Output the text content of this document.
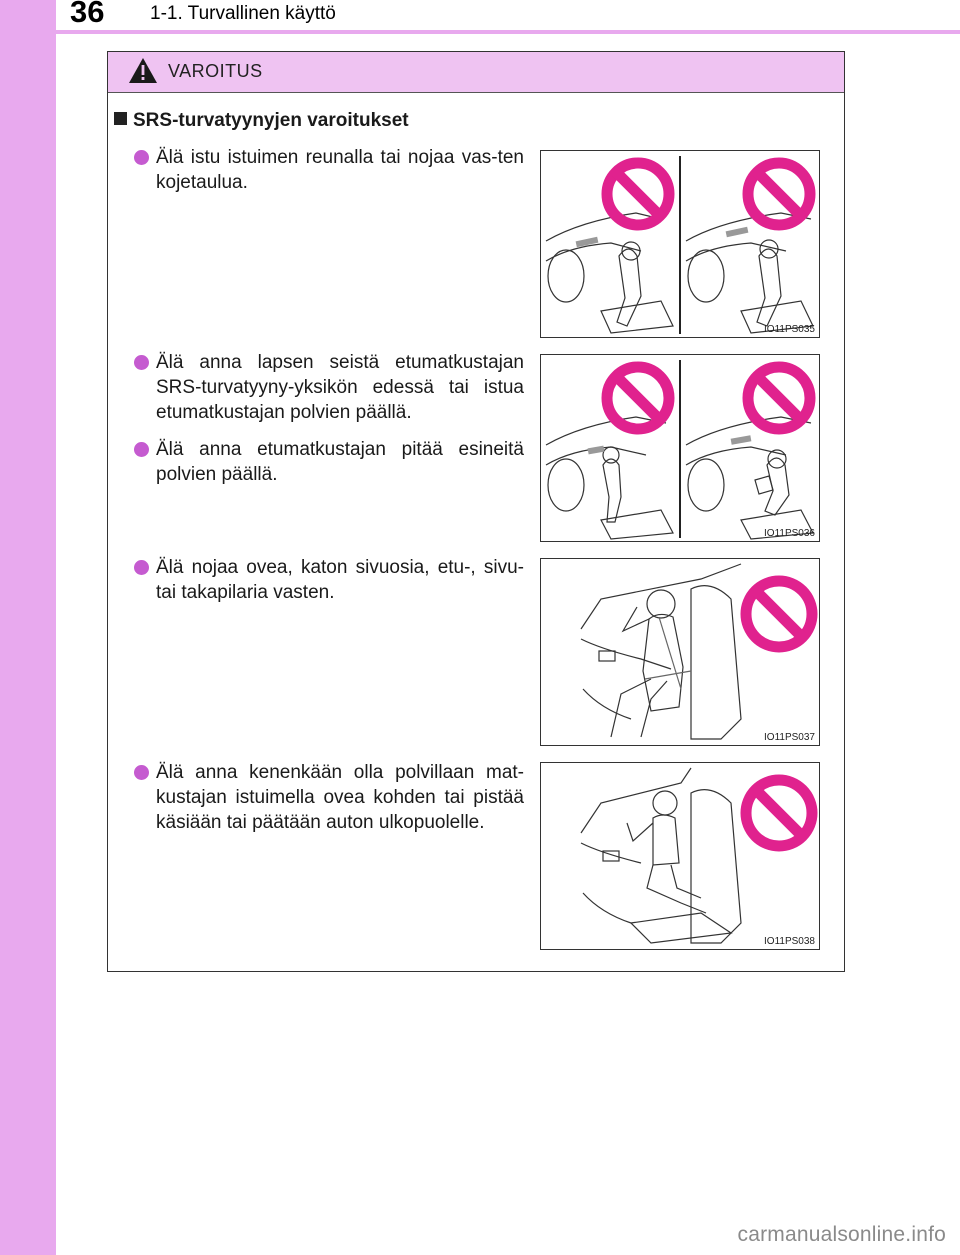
36 1-1. Turvallinen käyttö
VAROITUS
SRS-turvatyynyjen varoitukset
Älä istu istuimen reunalla tai nojaa vas-ten kojetaulua.
Älä anna lapsen seistä etumatkustajan SRS-turvatyyny-yksikön edessä tai istua etumatkustajan polvien päällä.
Älä anna etumatkustajan pitää esineitä polvien päällä.
Älä nojaa ovea, katon sivuosia, etu-, sivu- tai takapilaria vasten.
Älä anna kenenkään olla polvillaan mat-kustajan istuimella ovea kohden tai pistää käsiään tai päätään auton ulkopuolelle.
IO11PS035
IO11PS036
IO11PS037
IO11PS038
carmanualsonline.info
